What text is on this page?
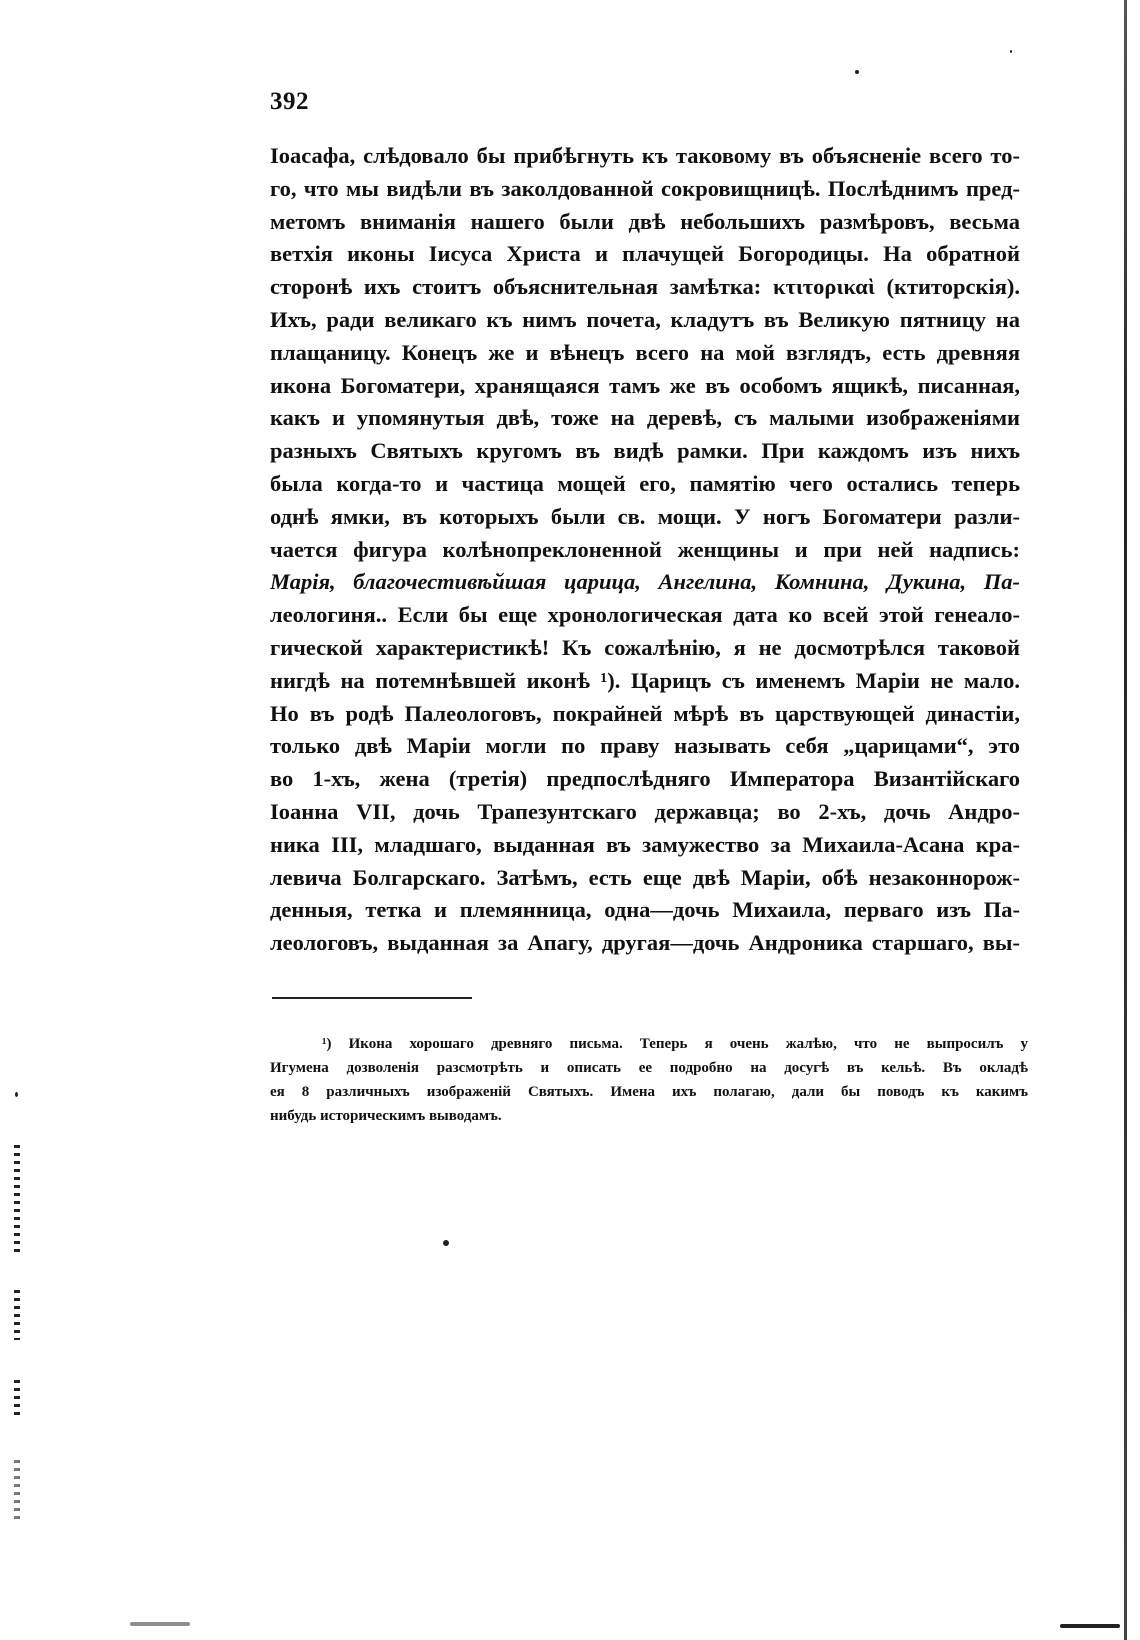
392
Іоасафа, слѣдовало бы прибѣгнуть къ таковому въ объясненіе всего то-
го, что мы видѣли въ заколдованной сокровищницѣ. Послѣднимъ пред-
метомъ вниманія нашего были двѣ небольшихъ размѣровъ, весьма
ветхія иконы Іисуса Христа и плачущей Богородицы. На обратной
сторонѣ ихъ стоитъ объяснительная замѣтка: κτιτορικαὶ (ктиторскія).
Ихъ, ради великаго къ нимъ почета, кладутъ въ Великую пятницу на
плащаницу. Конецъ же и вѣнецъ всего на мой взглядъ, есть древняя
икона Богоматери, хранящаяся тамъ же въ особомъ ящикѣ, писанная,
какъ и упомянутыя двѣ, тоже на деревѣ, съ малыми изображеніями
разныхъ Святыхъ кругомъ въ видѣ рамки. При каждомъ изъ нихъ
была когда-то и частица мощей его, памятію чего остались теперь
однѣ ямки, въ которыхъ были св. мощи. У ногъ Богоматери разли-
чается фигура колѣнопреклоненной женщины и при ней надпись:
Марія, благочестивѣйшая царица, Ангелина, Комнина, Дукина, Па-
леологиня.. Если бы еще хронологическая дата ко всей этой генеало-
гической характеристикѣ! Къ сожалѣнію, я не досмотрѣлся таковой
нигдѣ на потемнѣвшей иконѣ ¹). Царицъ съ именемъ Маріи не мало.
Но въ родѣ Палеологовъ, покрайней мѣрѣ въ царствующей династіи,
только двѣ Маріи могли по праву называть себя „царицами“, это
во 1-хъ, жена (третія) предпослѣдняго Императора Византійскаго
Іоанна VII, дочь Трапезунтскаго державца; во 2-хъ, дочь Андро-
ника III, младшаго, выданная въ замужество за Михаила-Асана кра-
левича Болгарскаго. Затѣмъ, есть еще двѣ Маріи, обѣ незаконнорож-
денныя, тетка и племянница, одна—дочь Михаила, перваго изъ Па-
леологовъ, выданная за Апагу, другая—дочь Андроника старшаго, вы-
¹) Икона хорошаго древняго письма. Теперь я очень жалѣю, что не выпросилъ у
Игумена дозволенія разсмотрѣть и описать ее подробно на досугѣ въ кельѣ. Въ окладѣ
ея 8 различныхъ изображеній Святыхъ. Имена ихъ полагаю, дали бы поводъ къ какимъ
нибудь историческимъ выводамъ.
